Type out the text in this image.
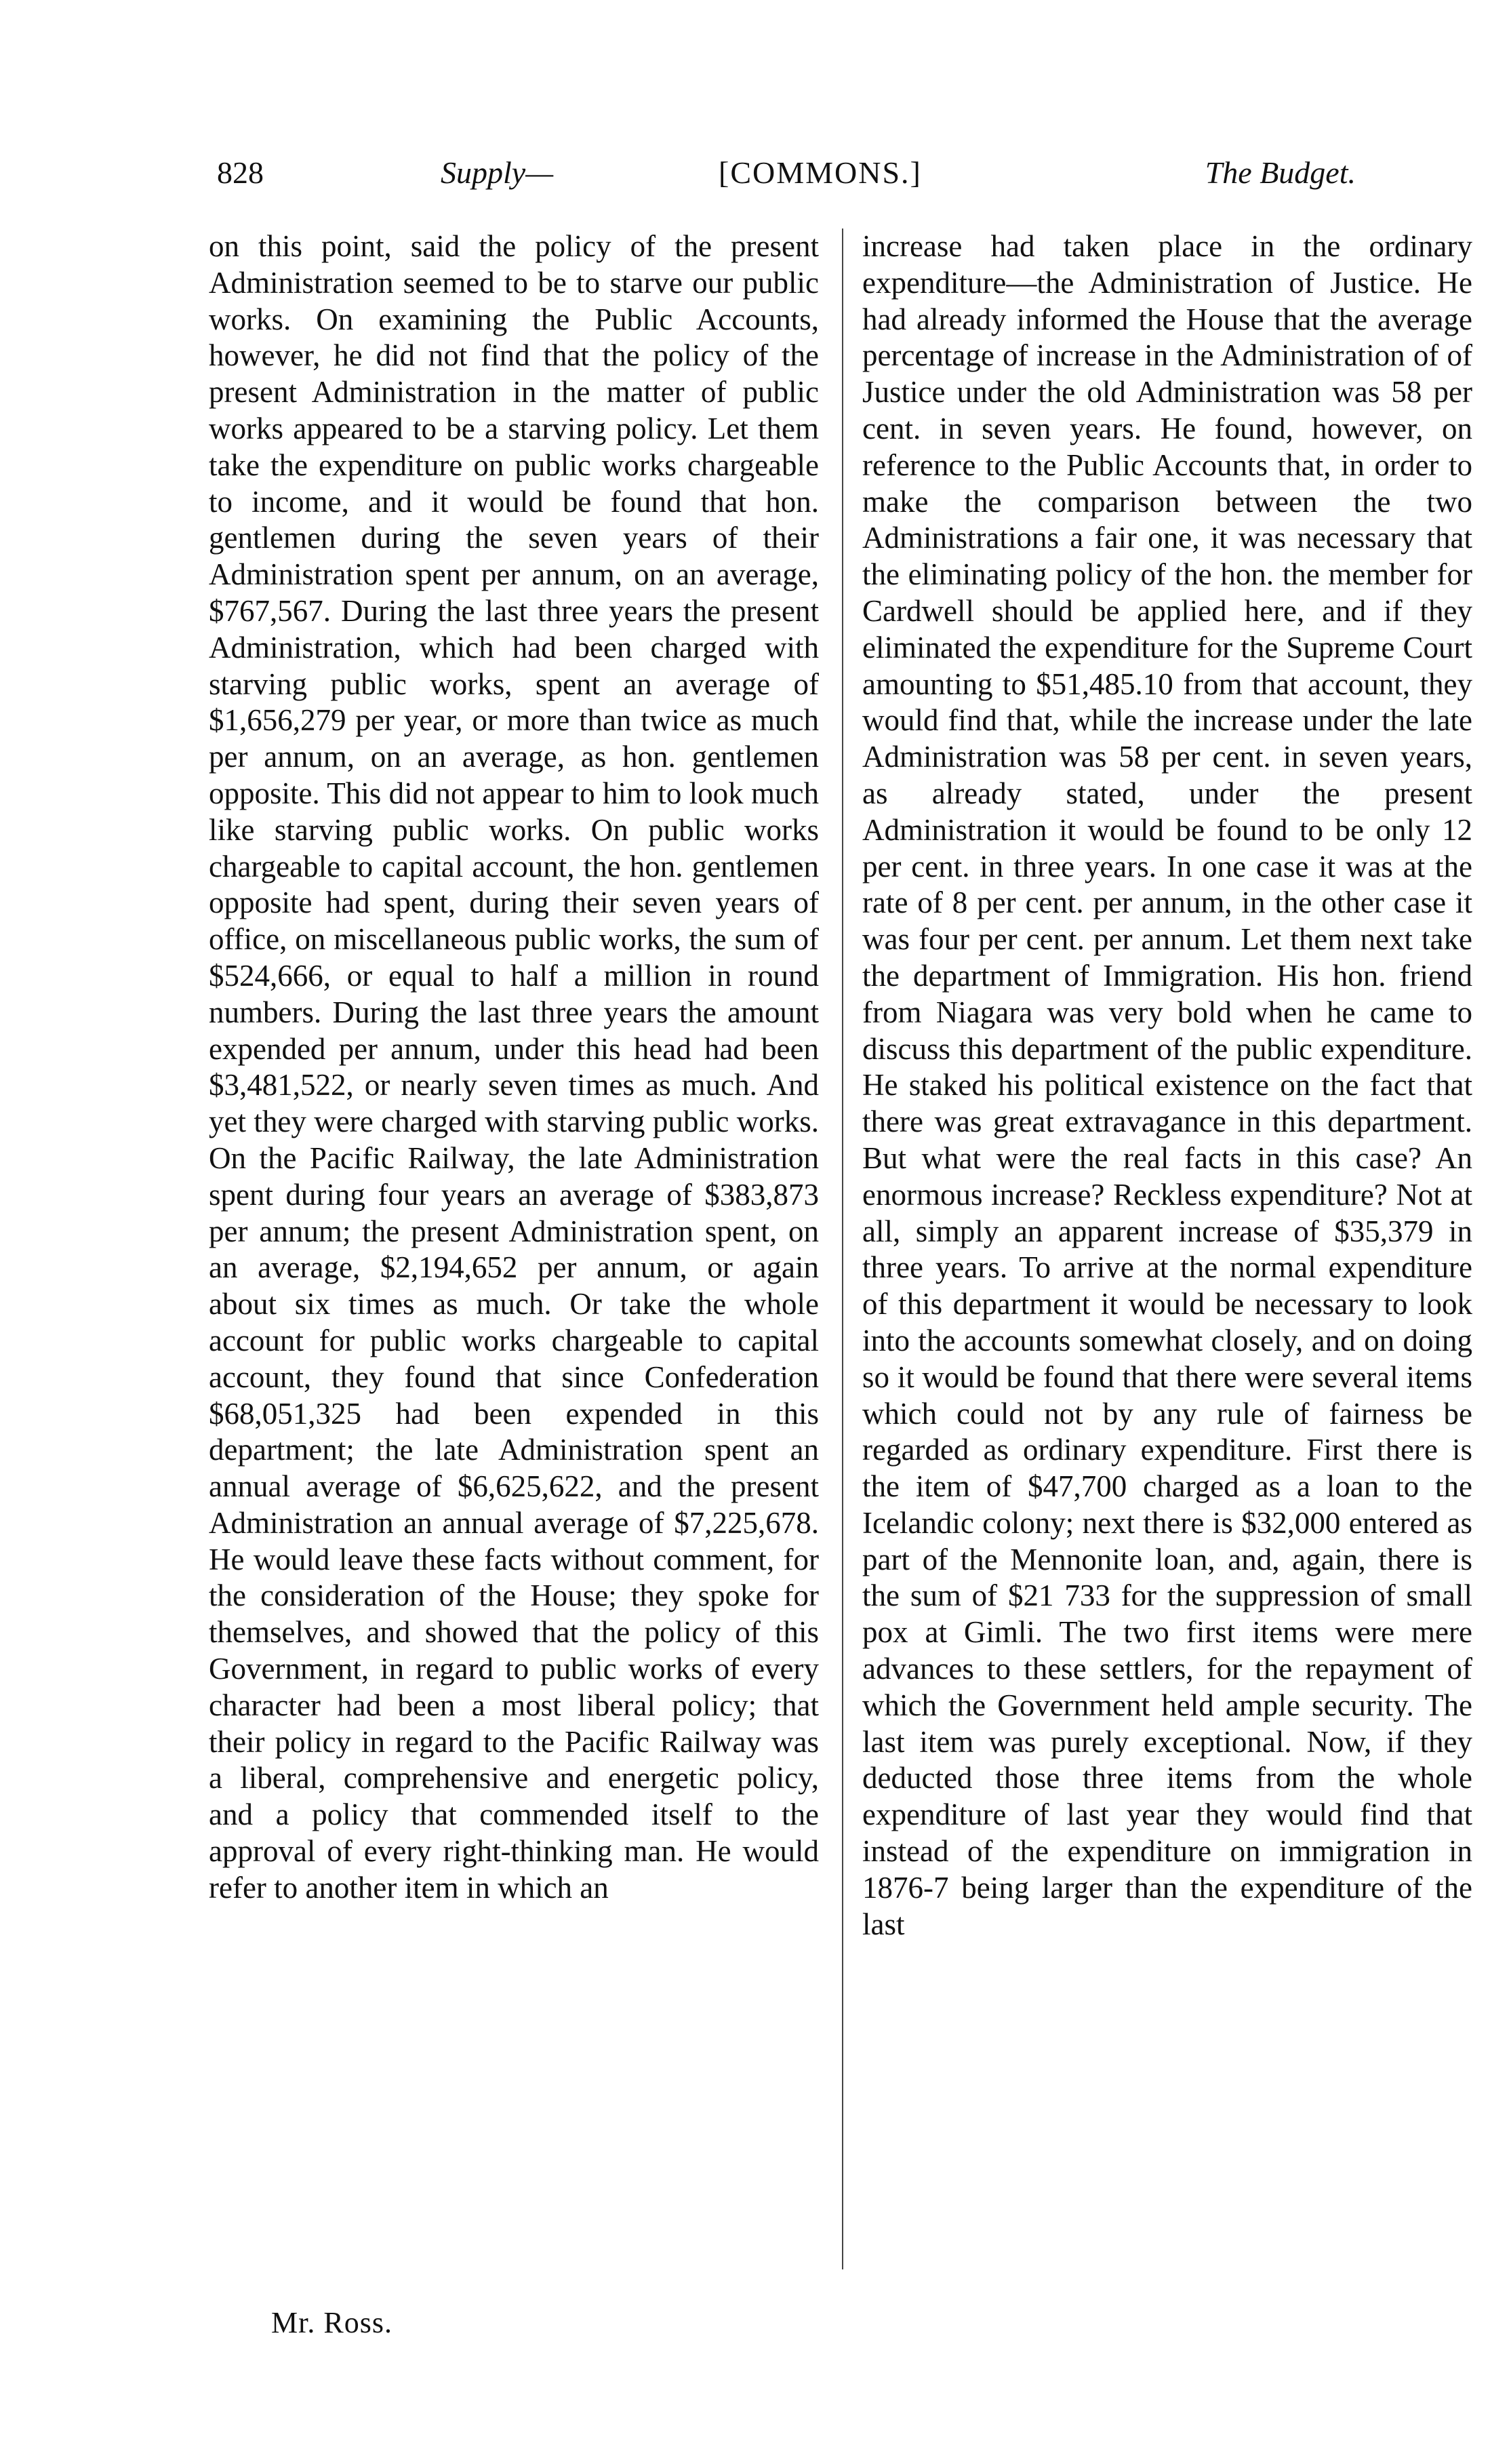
828	Supply—	[COMMONS.]	The Budget.

on this point, said the policy of the present Administration seemed to be to starve our public works. On examining the Public Accounts, however, he did not find that the policy of the present Administration in the matter of public works appeared to be a starving policy. Let them take the expenditure on public works chargeable to income, and it would be found that hon. gentlemen during the seven years of their Administration spent per annum, on an average, $767,567. During the last three years the present Administration, which had been charged with starving public works, spent an average of $1,656,279 per year, or more than twice as much per annum, on an average, as hon. gentlemen opposite. This did not appear to him to look much like starving public works. On public works chargeable to capital account, the hon. gentlemen opposite had spent, during their seven years of office, on miscellaneous public works, the sum of $524,666, or equal to half a million in round numbers. During the last three years the amount expended per annum, under this head had been $3,481,522, or nearly seven times as much. And yet they were charged with starving public works. On the Pacific Railway, the late Administration spent during four years an average of $383,873 per annum; the present Administration spent, on an average, $2,194,652 per annum, or again about six times as much. Or take the whole account for public works chargeable to capital account, they found that since Confederation $68,051,325 had been expended in this department; the late Administration spent an annual average of $6,625,622, and the present Administration an annual average of $7,225,678. He would leave these facts without comment, for the consideration of the House; they spoke for themselves, and showed that the policy of this Government, in regard to public works of every character had been a most liberal policy; that their policy in regard to the Pacific Railway was a liberal, comprehensive and energetic policy, and a policy that commended itself to the approval of every right-thinking man. He would refer to another item in which an

increase had taken place in the ordinary expenditure—the Administration of Justice. He had already informed the House that the average percentage of increase in the Administration of of Justice under the old Administration was 58 per cent. in seven years. He found, however, on reference to the Public Accounts that, in order to make the comparison between the two Administrations a fair one, it was necessary that the eliminating policy of the hon. the member for Cardwell should be applied here, and if they eliminated the expenditure for the Supreme Court amounting to $51,485.10 from that account, they would find that, while the increase under the late Administration was 58 per cent. in seven years, as already stated, under the present Administration it would be found to be only 12 per cent. in three years. In one case it was at the rate of 8 per cent. per annum, in the other case it was four per cent. per annum. Let them next take the department of Immigration. His hon. friend from Niagara was very bold when he came to discuss this department of the public expenditure. He staked his political existence on the fact that there was great extravagance in this department. But what were the real facts in this case? An enormous increase? Reckless expenditure? Not at all, simply an apparent increase of $35,379 in three years. To arrive at the normal expenditure of this department it would be necessary to look into the accounts somewhat closely, and on doing so it would be found that there were several items which could not by any rule of fairness be regarded as ordinary expenditure. First there is the item of $47,700 charged as a loan to the Icelandic colony; next there is $32,000 entered as part of the Mennonite loan, and, again, there is the sum of $21 733 for the suppression of small pox at Gimli. The two first items were mere advances to these settlers, for the repayment of which the Government held ample security. The last item was purely exceptional. Now, if they deducted those three items from the whole expenditure of last year they would find that instead of the expenditure on immigration in 1876-7 being larger than the expenditure of the last

Mr. Ross.
